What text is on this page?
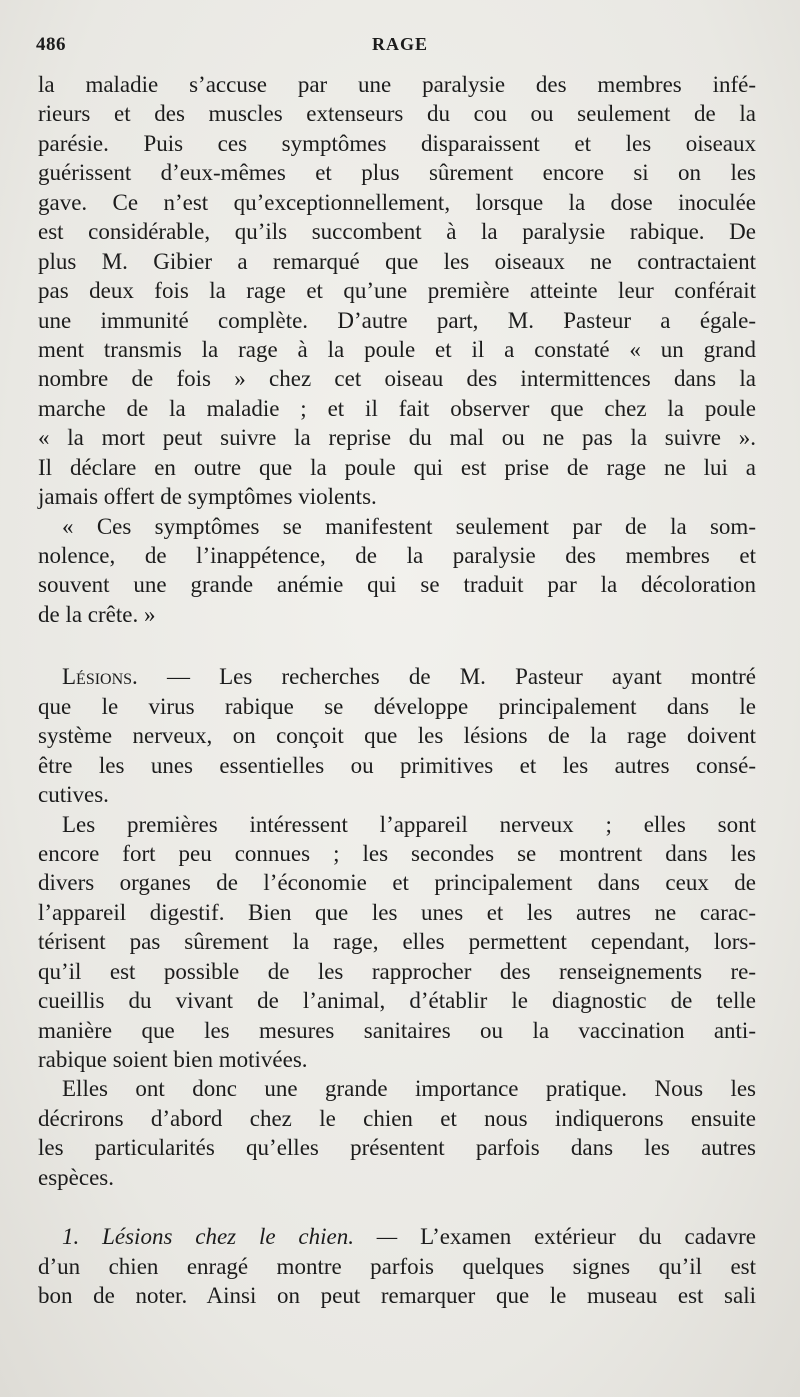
486	RAGE
la maladie s’accuse par une paralysie des membres infé-
rieurs et des muscles extenseurs du cou ou seulement de la
parésie. Puis ces symptômes disparaissent et les oiseaux
guérissent d’eux-mêmes et plus sûrement encore si on les
gave. Ce n’est qu’exceptionnellement, lorsque la dose inoculée
est considérable, qu’ils succombent à la paralysie rabique. De
plus M. Gibier a remarqué que les oiseaux ne contractaient
pas deux fois la rage et qu’une première atteinte leur conférait
une immunité complète. D’autre part, M. Pasteur a égale-
ment transmis la rage à la poule et il a constaté « un grand
nombre de fois » chez cet oiseau des intermittences dans la
marche de la maladie ; et il fait observer que chez la poule
« la mort peut suivre la reprise du mal ou ne pas la suivre ».
Il déclare en outre que la poule qui est prise de rage ne lui a
jamais offert de symptômes violents.
« Ces symptômes se manifestent seulement par de la som-
nolence, de l’inappétence, de la paralysie des membres et
souvent une grande anémie qui se traduit par la décoloration
de la crête. »
Lésions. — Les recherches de M. Pasteur ayant montré
que le virus rabique se développe principalement dans le
système nerveux, on conçoit que les lésions de la rage doivent
être les unes essentielles ou primitives et les autres consé-
cutives.
Les premières intéressent l’appareil nerveux ; elles sont
encore fort peu connues ; les secondes se montrent dans les
divers organes de l’économie et principalement dans ceux de
l’appareil digestif. Bien que les unes et les autres ne carac-
térisent pas sûrement la rage, elles permettent cependant, lors-
qu’il est possible de les rapprocher des renseignements re-
cueillis du vivant de l’animal, d’établir le diagnostic de telle
manière que les mesures sanitaires ou la vaccination anti-
rabique soient bien motivées.
Elles ont donc une grande importance pratique. Nous les
décrirons d’abord chez le chien et nous indiquerons ensuite
les particularités qu’elles présentent parfois dans les autres
espèces.
1. Lésions chez le chien. — L’examen extérieur du cadavre
d’un chien enragé montre parfois quelques signes qu’il est
bon de noter. Ainsi on peut remarquer que le museau est sali
